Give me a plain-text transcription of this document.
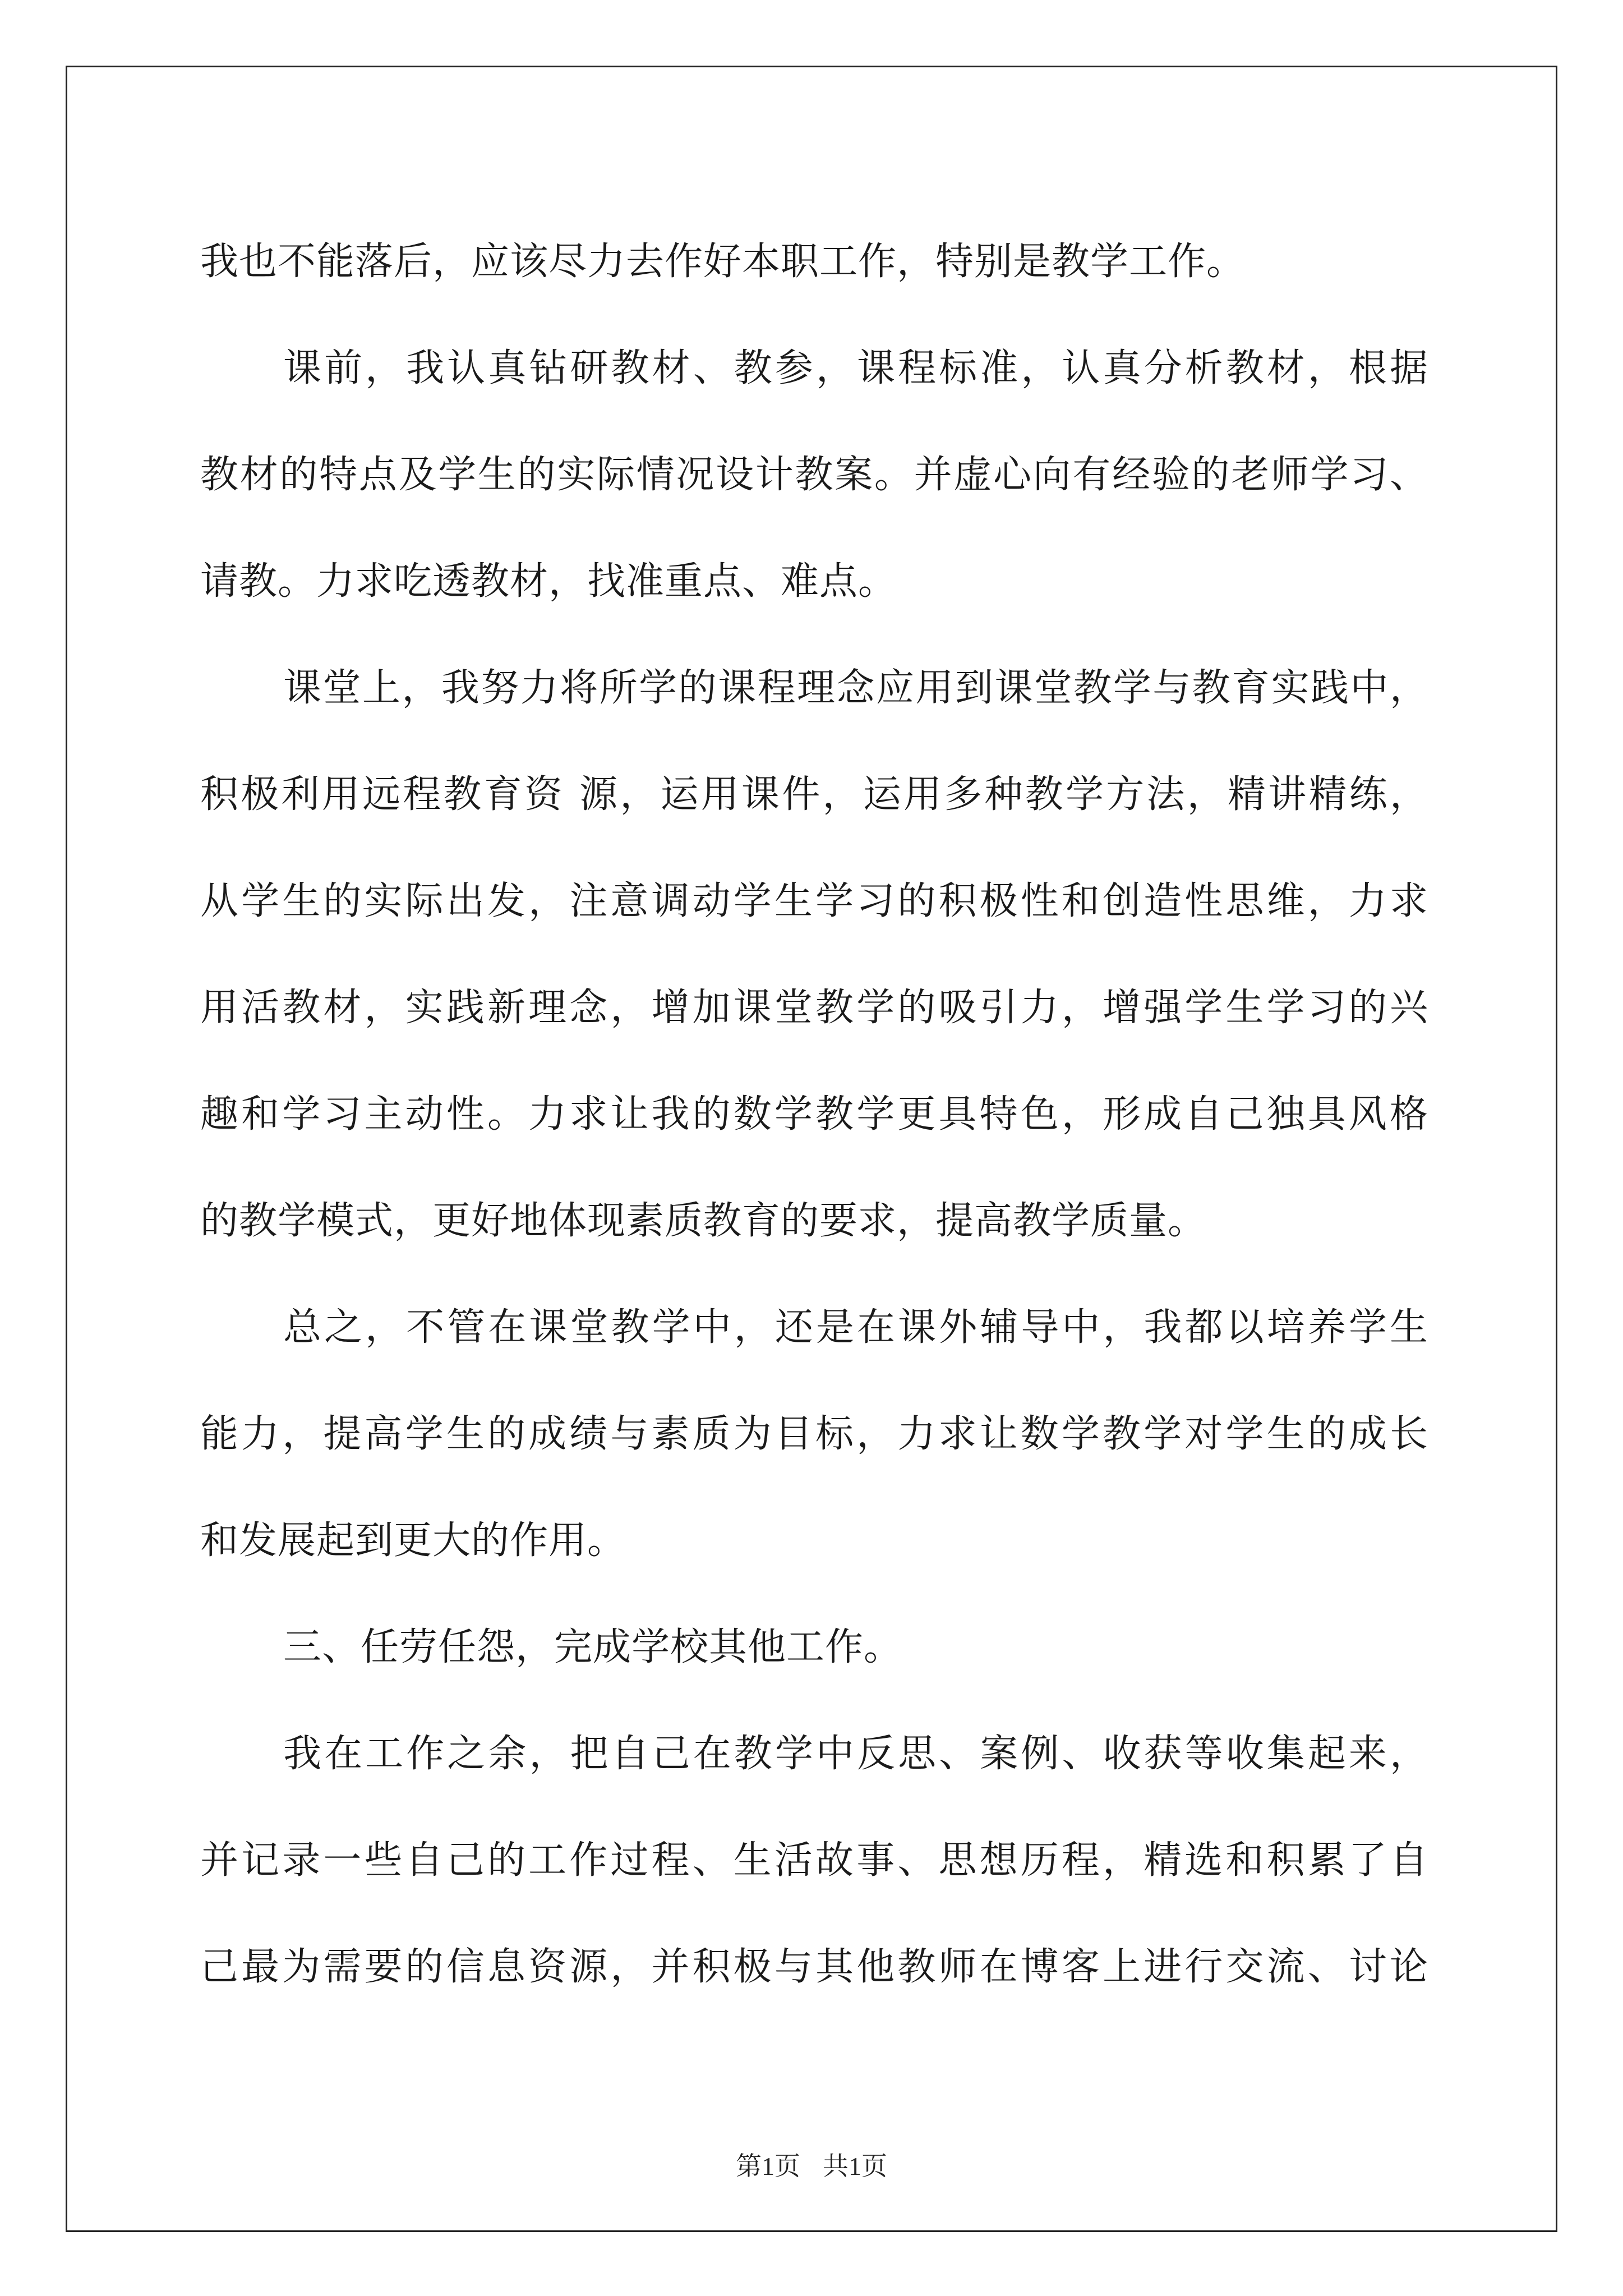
我也不能落后，应该尽力去作好本职工作，特别是教学工作。
课前，我认真钻研教材、教参，课程标准，认真分析教材，根据
教材的特点及学生的实际情况设计教案。并虚心向有经验的老师学习、
请教。力求吃透教材，找准重点、难点。
课堂上，我努力将所学的课程理念应用到课堂教学与教育实践中，
积极利用远程教育资 源，运用课件，运用多种教学方法，精讲精练，
从学生的实际出发，注意调动学生学习的积极性和创造性思维，力求
用活教材，实践新理念，增加课堂教学的吸引力，增强学生学习的兴
趣和学习主动性。力求让我的数学教学更具特色，形成自己独具风格
的教学模式，更好地体现素质教育的要求，提高教学质量。
总之，不管在课堂教学中，还是在课外辅导中，我都以培养学生
能力，提高学生的成绩与素质为目标，力求让数学教学对学生的成长
和发展起到更大的作用。
三、任劳任怨，完成学校其他工作。
我在工作之余，把自己在教学中反思、案例、收获等收集起来，
并记录一些自己的工作过程、生活故事、思想历程，精选和积累了自
己最为需要的信息资源，并积极与其他教师在博客上进行交流、讨论
第1页 共1页
